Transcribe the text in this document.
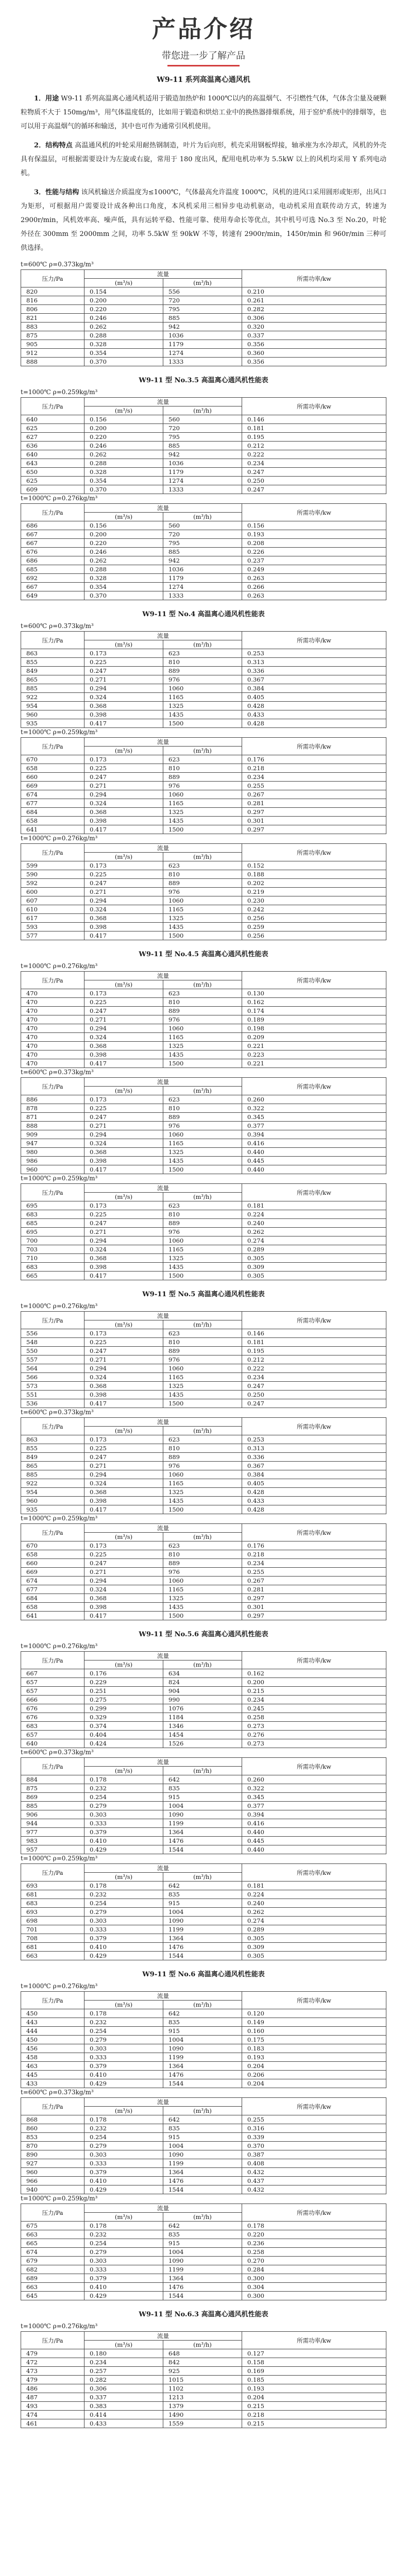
产品介绍
带您进一步了解产品
W9-11 系列高温离心通风机

1．用途 W9-11 系列高温离心通风机适用于锻造加热炉和 1000℃以内的高温烟气、不引燃性气体，气体含尘量及硬颗粒物质不大于 150mg/m³，用气体温度低的，比如用于锻造和烘焙工业中的换热器排烟系统，用于窑炉系统中的排烟等，也可以用于高温烟气的循环和输送，其中也可作为通常引风机使用。

2．结构特点 高温通风机的叶轮采用耐热钢制造，叶片为后向形，机壳采用钢板焊接，轴承座为水冷却式，风机的外壳具有保温层，可根据需要设计为左旋或右旋，常用于 180 度出风，配用电机功率为 5.5kW 以上的风机均采用 Y 系列电动机。

3．性能与结构 该风机输送介质温度为≤1000℃，气体最高允许温度 1000℃，风机的进风口采用圆形或矩形，出风口为矩形，可根据用户需要设计成各种出口角度，本风机采用三相异步电动机驱动，电动机采用直联传动方式，转速为 2900r/min，风机效率高、噪声低，具有运转平稳、性能可靠、使用寿命长等优点，其中机号可选 No.3 至 No.20，叶轮外径在 300mm 至 2000mm 之间，功率 5.5kW 至 90kW 不等，转速有 2900r/min，1450r/min 和 960r/min 三种可供选择。

t=600℃ ρ=0.373kg/m³
压力/Pa	流量		所需功率/kw
	(m³/s)	(m³/h)	
820	0.154	556	0.210
816	0.200	720	0.261
806	0.220	795	0.282
821	0.246	885	0.306
883	0.262	942	0.320
875	0.288	1036	0.337
905	0.328	1179	0.356
912	0.354	1274	0.360
888	0.370	1333	0.356
W9-11 型 No.3.5 高温离心通风机性能表
t=1000℃ ρ=0.259kg/m³
压力/Pa	流量		所需功率/kw
	(m³/s)	(m³/h)	
640	0.156	560	0.146
625	0.200	720	0.181
627	0.220	795	0.195
636	0.246	885	0.212
640	0.262	942	0.222
643	0.288	1036	0.234
650	0.328	1179	0.247
625	0.354	1274	0.250
609	0.370	1333	0.247
t=1000℃ ρ=0.276kg/m³
压力/Pa	流量		所需功率/kw
	(m³/s)	(m³/h)	
686	0.156	560	0.156
667	0.200	720	0.193
667	0.220	795	0.208
676	0.246	885	0.226
686	0.262	942	0.237
685	0.288	1036	0.249
692	0.328	1179	0.263
667	0.354	1274	0.266
649	0.370	1333	0.263
W9-11 型 No.4 高温离心通风机性能表
t=600℃ ρ=0.373kg/m³
压力/Pa	流量		所需功率/kw
	(m³/s)	(m³/h)	
863	0.173	623	0.253
855	0.225	810	0.313
849	0.247	889	0.336
865	0.271	976	0.367
885	0.294	1060	0.384
922	0.324	1165	0.405
954	0.368	1325	0.428
960	0.398	1435	0.433
935	0.417	1500	0.428
t=1000℃ ρ=0.259kg/m³
压力/Pa	流量		所需功率/kw
	(m³/s)	(m³/h)	
670	0.173	623	0.176
658	0.225	810	0.218
660	0.247	889	0.234
669	0.271	976	0.255
674	0.294	1060	0.267
677	0.324	1165	0.281
684	0.368	1325	0.297
658	0.398	1435	0.301
641	0.417	1500	0.297
t=1000℃ ρ=0.276kg/m³
压力/Pa	流量		所需功率/kw
	(m³/s)	(m³/h)	
599	0.173	623	0.152
590	0.225	810	0.188
592	0.247	889	0.202
600	0.271	976	0.219
607	0.294	1060	0.230
610	0.324	1165	0.242
617	0.368	1325	0.256
593	0.398	1435	0.259
577	0.417	1500	0.256
W9-11 型 No.4.5 高温离心通风机性能表
t=1000℃ ρ=0.276kg/m³
压力/Pa	流量		所需功率/kw
	(m³/s)	(m³/h)	
470	0.173	623	0.130
470	0.225	810	0.162
470	0.247	889	0.174
470	0.271	976	0.189
470	0.294	1060	0.198
470	0.324	1165	0.209
470	0.368	1325	0.221
470	0.398	1435	0.223
470	0.417	1500	0.221
t=600℃ ρ=0.373kg/m³
压力/Pa	流量		所需功率/kw
	(m³/s)	(m³/h)	
886	0.173	623	0.260
878	0.225	810	0.322
871	0.247	889	0.345
888	0.271	976	0.377
909	0.294	1060	0.394
947	0.324	1165	0.416
980	0.368	1325	0.440
986	0.398	1435	0.445
960	0.417	1500	0.440
t=1000℃ ρ=0.259kg/m³
压力/Pa	流量		所需功率/kw
	(m³/s)	(m³/h)	
695	0.173	623	0.181
683	0.225	810	0.224
685	0.247	889	0.240
695	0.271	976	0.262
700	0.294	1060	0.274
703	0.324	1165	0.289
710	0.368	1325	0.305
683	0.398	1435	0.309
665	0.417	1500	0.305
W9-11 型 No.5 高温离心通风机性能表
t=1000℃ ρ=0.276kg/m³
压力/Pa	流量		所需功率/kw
	(m³/s)	(m³/h)	
556	0.173	623	0.146
548	0.225	810	0.181
550	0.247	889	0.195
557	0.271	976	0.212
564	0.294	1060	0.222
566	0.324	1165	0.234
573	0.368	1325	0.247
551	0.398	1435	0.250
536	0.417	1500	0.247
t=600℃ ρ=0.373kg/m³
压力/Pa	流量		所需功率/kw
	(m³/s)	(m³/h)	
863	0.173	623	0.253
855	0.225	810	0.313
849	0.247	889	0.336
865	0.271	976	0.367
885	0.294	1060	0.384
922	0.324	1165	0.405
954	0.368	1325	0.428
960	0.398	1435	0.433
935	0.417	1500	0.428
t=1000℃ ρ=0.259kg/m³
压力/Pa	流量		所需功率/kw
	(m³/s)	(m³/h)	
670	0.173	623	0.176
658	0.225	810	0.218
660	0.247	889	0.234
669	0.271	976	0.255
674	0.294	1060	0.267
677	0.324	1165	0.281
684	0.368	1325	0.297
658	0.398	1435	0.301
641	0.417	1500	0.297
W9-11 型 No.5.6 高温离心通风机性能表
t=1000℃ ρ=0.276kg/m³
压力/Pa	流量		所需功率/kw
	(m³/s)	(m³/h)	
667	0.176	634	0.162
657	0.229	824	0.200
657	0.251	904	0.215
666	0.275	990	0.234
676	0.299	1076	0.245
676	0.329	1184	0.258
683	0.374	1346	0.273
657	0.404	1454	0.276
640	0.424	1526	0.273
t=600℃ ρ=0.373kg/m³
压力/Pa	流量		所需功率/kw
	(m³/s)	(m³/h)	
884	0.178	642	0.260
875	0.232	835	0.322
869	0.254	915	0.345
885	0.279	1004	0.377
906	0.303	1090	0.394
944	0.333	1199	0.416
977	0.379	1364	0.440
983	0.410	1476	0.445
957	0.429	1544	0.440
t=1000℃ ρ=0.259kg/m³
压力/Pa	流量		所需功率/kw
	(m³/s)	(m³/h)	
693	0.178	642	0.181
681	0.232	835	0.224
683	0.254	915	0.240
693	0.279	1004	0.262
698	0.303	1090	0.274
701	0.333	1199	0.289
708	0.379	1364	0.305
681	0.410	1476	0.309
663	0.429	1544	0.305
W9-11 型 No.6 高温离心通风机性能表
t=1000℃ ρ=0.276kg/m³
压力/Pa	流量		所需功率/kw
	(m³/s)	(m³/h)	
450	0.178	642	0.120
443	0.232	835	0.149
444	0.254	915	0.160
450	0.279	1004	0.175
456	0.303	1090	0.183
458	0.333	1199	0.193
463	0.379	1364	0.204
445	0.410	1476	0.206
433	0.429	1544	0.204
t=600℃ ρ=0.373kg/m³
压力/Pa	流量		所需功率/kw
	(m³/s)	(m³/h)	
868	0.178	642	0.255
860	0.232	835	0.316
853	0.254	915	0.339
870	0.279	1004	0.370
890	0.303	1090	0.387
927	0.333	1199	0.408
960	0.379	1364	0.432
966	0.410	1476	0.437
940	0.429	1544	0.432
t=1000℃ ρ=0.259kg/m³
压力/Pa	流量		所需功率/kw
	(m³/s)	(m³/h)	
675	0.178	642	0.178
663	0.232	835	0.220
665	0.254	915	0.236
674	0.279	1004	0.258
679	0.303	1090	0.270
682	0.333	1199	0.284
689	0.379	1364	0.300
663	0.410	1476	0.304
645	0.429	1544	0.300
W9-11 型 No.6.3 高温离心通风机性能表
t=1000℃ ρ=0.276kg/m³
压力/Pa	流量		所需功率/kw
	(m³/s)	(m³/h)	
479	0.180	648	0.127
472	0.234	842	0.158
473	0.257	925	0.169
479	0.282	1015	0.185
486	0.306	1102	0.193
487	0.337	1213	0.204
493	0.383	1379	0.215
474	0.414	1490	0.218
461	0.433	1559	0.215
